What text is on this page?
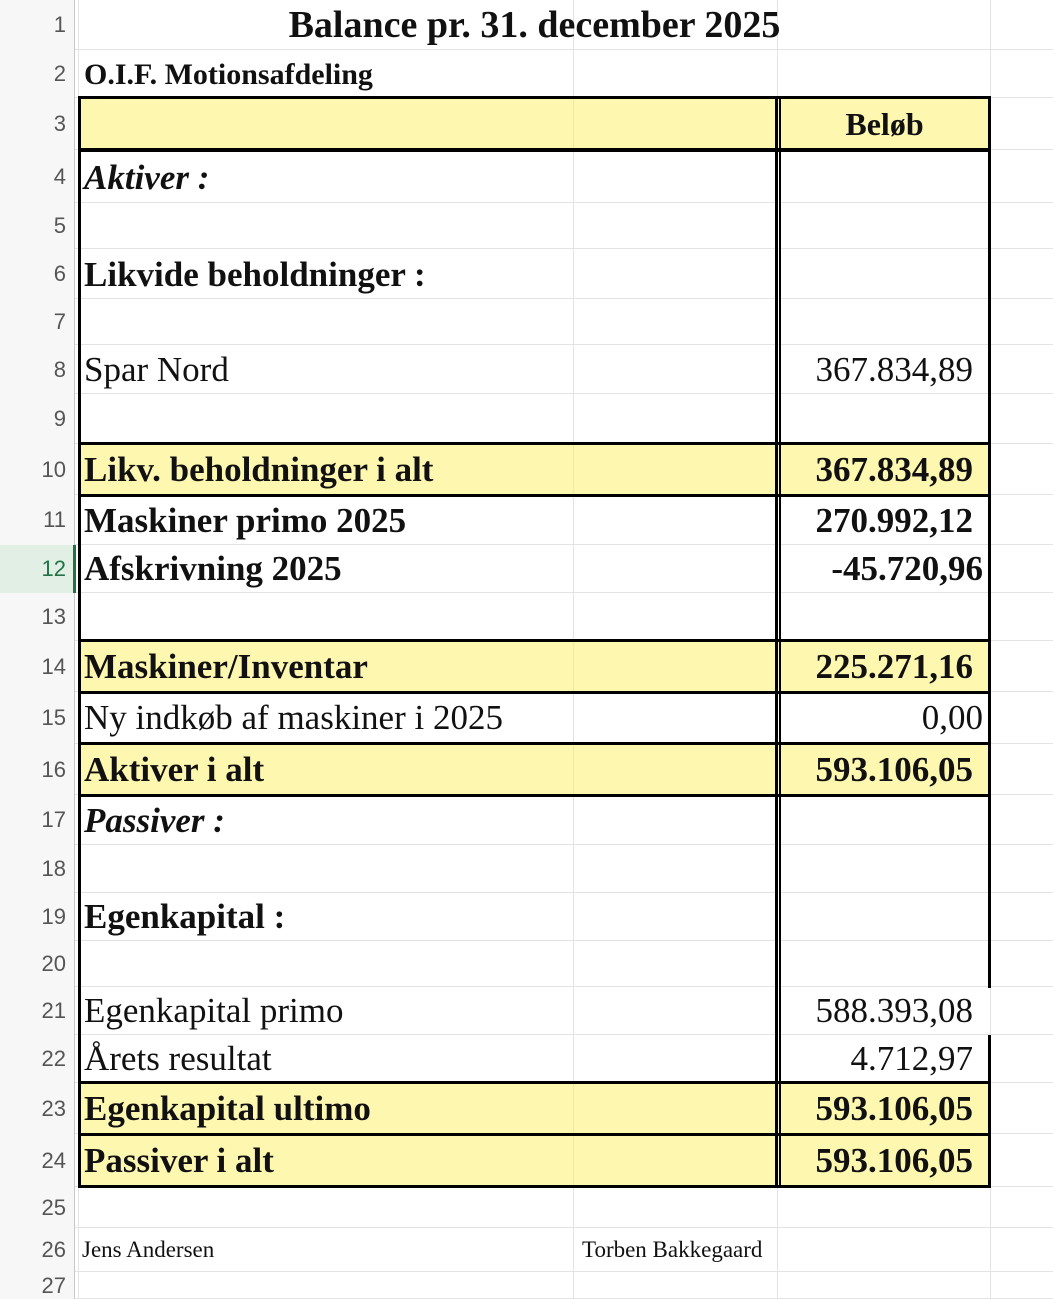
1
2
3
4
5
6
7
8
9
10
11
12
13
14
15
16
17
18
19
20
21
22
23
24
25
26
27
Balance pr. 31. december 2025
O.I.F. Motionsafdeling
Beløb
Aktiver :
Likvide beholdninger :
Spar Nord	367.834,89
Likv. beholdninger i alt	367.834,89
Maskiner primo 2025	270.992,12
Afskrivning 2025	-45.720,96
Maskiner/Inventar	225.271,16
Ny indkøb af maskiner i 2025	0,00
Aktiver i alt	593.106,05
Passiver :
Egenkapital :
Egenkapital primo	588.393,08
Årets resultat	4.712,97
Egenkapital ultimo	593.106,05
Passiver i alt	593.106,05
Jens Andersen	Torben Bakkegaard
